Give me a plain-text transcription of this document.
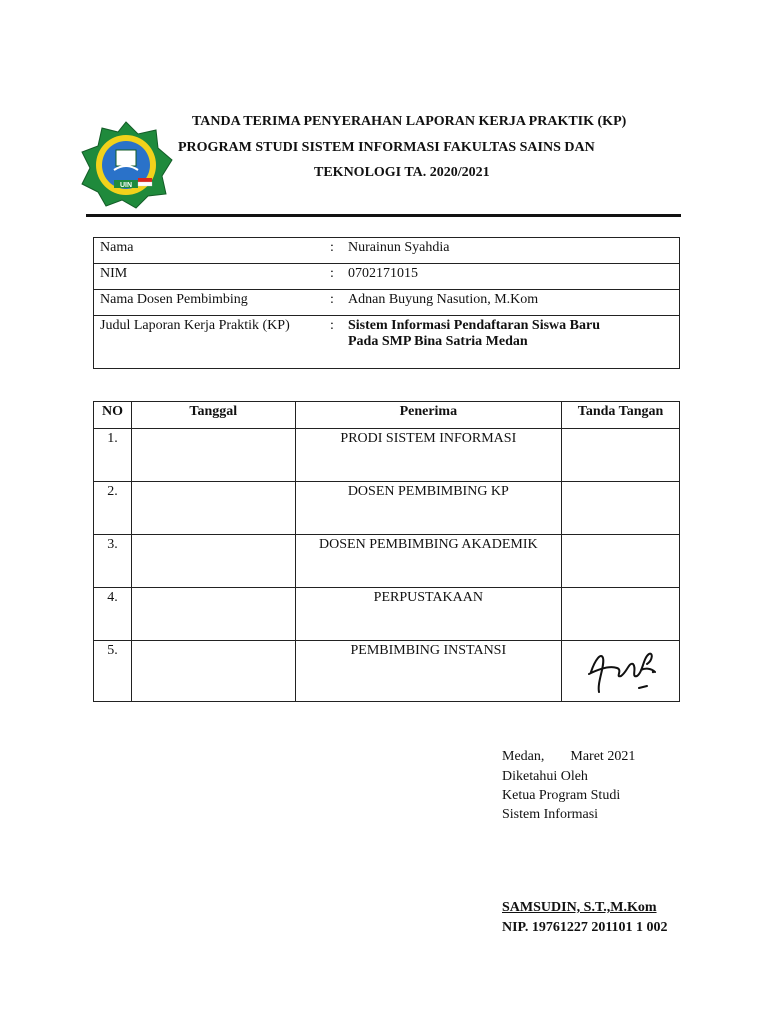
UIN
TANDA TERIMA PENYERAHAN LAPORAN KERJA PRAKTIK (KP)
PROGRAM STUDI SISTEM INFORMASI FAKULTAS SAINS DAN
TEKNOLOGI TA. 2020/2021
Nama	:	Nurainun Syahdia
NIM	:	0702171015
Nama Dosen Pembimbing	:	Adnan Buyung Nasution, M.Kom
Judul Laporan Kerja Praktik (KP)	:	Sistem Informasi Pendaftaran Siswa Baru
Pada SMP Bina Satria Medan
NO	Tanggal	Penerima	Tanda Tangan
1.		PRODI SISTEM INFORMASI	
2.		DOSEN PEMBIMBING KP	
3.		DOSEN PEMBIMBING AKADEMIK	
4.		PERPUSTAKAAN	
5.		PEMBIMBING INSTANSI	
Medan, Maret 2021
Diketahui Oleh
Ketua Program Studi
Sistem Informasi
SAMSUDIN, S.T.,M.Kom
NIP. 19761227 201101 1 002
